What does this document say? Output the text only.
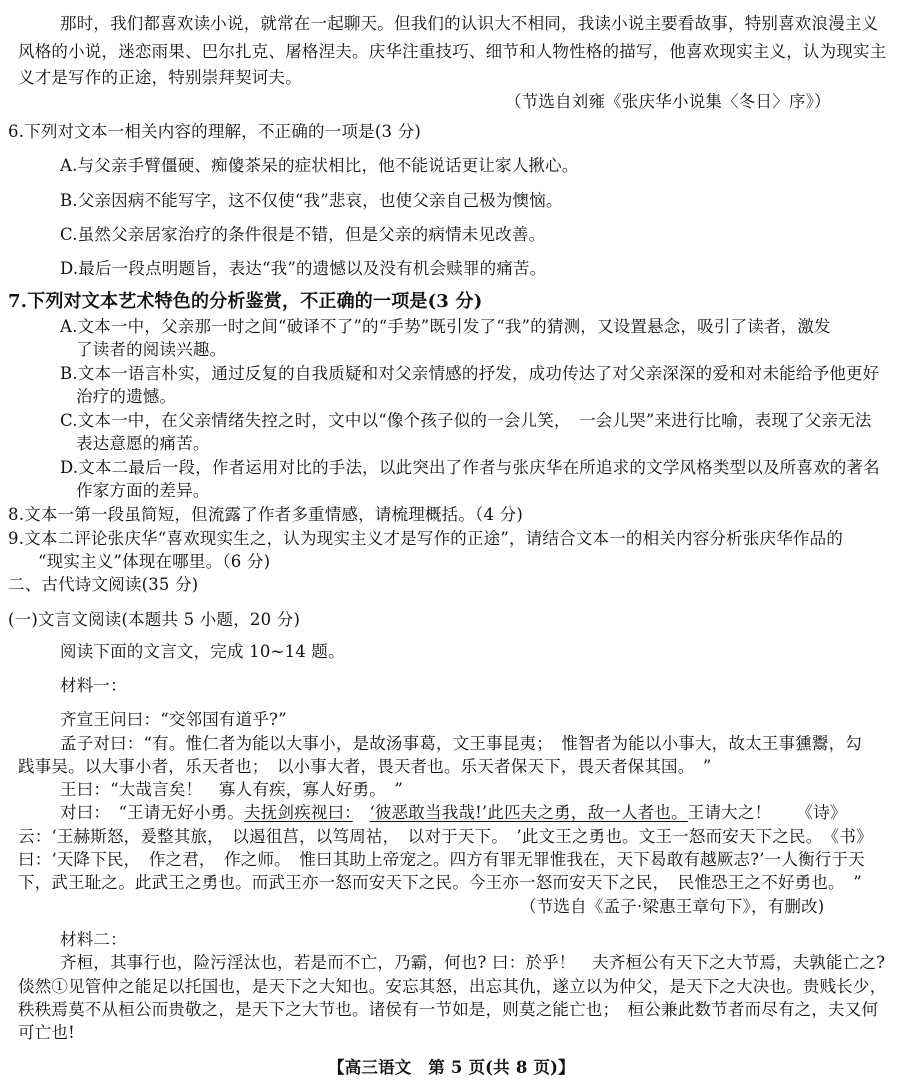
那时，我们都喜欢读小说，就常在一起聊天。但我们的认识大不相同，我读小说主要看故事，特别喜欢浪漫主义
风格的小说，迷恋雨果、巴尔扎克、屠格涅夫。庆华注重技巧、细节和人物性格的描写，他喜欢现实主义，认为现实主
义才是写作的正途，特别崇拜契诃夫。
（节选自刘雍《张庆华小说集〈冬日〉序》）
6.下列对文本一相关内容的理解，不正确的一项是(3 分)
A.与父亲手臂僵硬、痴傻茶呆的症状相比，他不能说话更让家人揪心。
B.父亲因病不能写字，这不仅使“我”悲哀，也使父亲自己极为懊恼。
C.虽然父亲居家治疗的条件很是不错，但是父亲的病情未见改善。
D.最后一段点明题旨，表达“我”的遗憾以及没有机会赎罪的痛苦。
7.下列对文本艺术特色的分析鉴赏，不正确的一项是(3 分)
A.文本一中，父亲那一时之间“破译不了”的“手势”既引发了“我”的猜测，又设置悬念，吸引了读者，激发
了读者的阅读兴趣。
B.文本一语言朴实，通过反复的自我质疑和对父亲情感的抒发，成功传达了对父亲深深的爱和对未能给予他更好
治疗的遗憾。
C.文本一中，在父亲情绪失控之时，文中以“像个孩子似的一会儿笑，　一会儿哭”来进行比喻，表现了父亲无法
表达意愿的痛苦。
D.文本二最后一段，作者运用对比的手法，以此突出了作者与张庆华在所追求的文学风格类型以及所喜欢的著名
作家方面的差异。
8.文本一第一段虽简短，但流露了作者多重情感，请梳理概括。（4 分)
9.文本二评论张庆华“喜欢现实生之，认为现实主义才是写作的正途”，请结合文本一的相关内容分析张庆华作品的
“现实主义”体现在哪里。（6 分)
二、古代诗文阅读(35 分)
(一)文言文阅读(本题共 5 小题，20 分)
阅读下面的文言文，完成 10~14 题。
材料一：
齐宣王问曰：“交邻国有道乎?”
孟子对曰：“有。惟仁者为能以大事小，是故汤事葛，文王事昆夷；　惟智者为能以小事大，故太王事獯鬻，勾
践事吴。以大事小者，乐天者也；　以小事大者，畏天者也。乐天者保天下，畏天者保其国。　”
王曰：“大哉言矣！　寡人有疾，寡人好勇。　”
对曰：　“王请无好小勇。夫抚剑疾视曰：　 ‘彼恶敢当我哉!’此匹夫之勇，敌一人者也。王请大之！　　《诗》
云：‘王赫斯怒，爰整其旅，　以遏徂莒，以笃周祜，　以对于天下。　’此文王之勇也。文王一怒而安天下之民。　《书》
曰：‘天降下民，　作之君，　作之师。　惟曰其助上帝宠之。四方有罪无罪惟我在，天下曷敢有越厥志?’一人衡行于天
下，武王耻之。此武王之勇也。而武王亦一怒而安天下之民。今王亦一怒而安天下之民，　民惟恐王之不好勇也。　”
（节选自《孟子·梁惠王章句下》，有删改)
材料二：
齐桓，其事行也，险污淫汰也，若是而不亡，乃霸，何也? 曰：於乎！　夫齐桓公有天下之大节焉，夫孰能亡之?
倓然①见管仲之能足以托国也，是天下之大知也。安忘其怒，出忘其仇，遂立以为仲父，是天下之大决也。贵贱长少，
秩秩焉莫不从桓公而贵敬之，是天下之大节也。诸侯有一节如是，则莫之能亡也；　桓公兼此数节者而尽有之，夫又何
可亡也!
【高三语文　第 5 页(共 8 页)】
